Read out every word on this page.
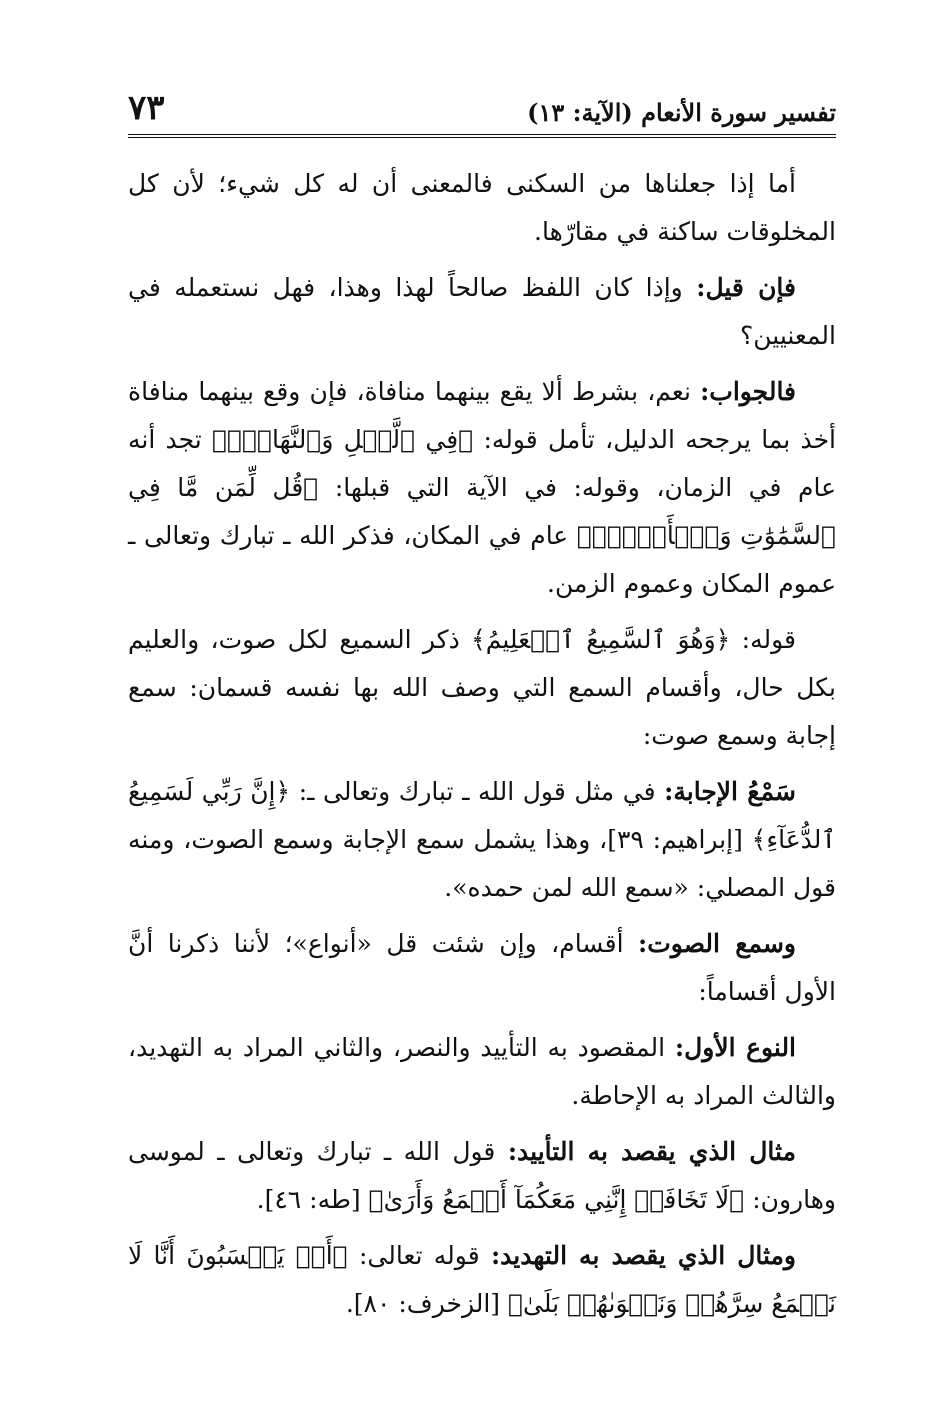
تفسير سورة الأنعام (الآية: ١٣)
٧٣

أما إذا جعلناها من السكنى فالمعنى أن له كل شيء؛ لأن كل المخلوقات ساكنة في مقارّها.

فإن قيل: وإذا كان اللفظ صالحاً لهذا وهذا، فهل نستعمله في المعنيين؟

فالجواب: نعم، بشرط ألا يقع بينهما منافاة، فإن وقع بينهما منافاة أخذ بما يرجحه الدليل، تأمل قوله: ﴿فِي ٱلَّيۡلِ وَٱلنَّهَارِۚ﴾ تجد أنه عام في الزمان، وقوله: في الآية التي قبلها: ﴿قُل لِّمَن مَّا فِي ٱلسَّمَٰوَٰتِ وَٱلۡأَرۡضِۖ﴾ عام في المكان، فذكر الله ـ تبارك وتعالى ـ عموم المكان وعموم الزمن.

قوله: ﴿وَهُوَ ٱلسَّمِيعُ ٱلۡعَلِيمُ﴾ ذكر السميع لكل صوت، والعليم بكل حال، وأقسام السمع التي وصف الله بها نفسه قسمان: سمع إجابة وسمع صوت:

سَمْعُ الإجابة: في مثل قول الله ـ تبارك وتعالى ـ: ﴿إِنَّ رَبِّي لَسَمِيعُ ٱلدُّعَآءِ﴾ [إبراهيم: ٣٩]، وهذا يشمل سمع الإجابة وسمع الصوت، ومنه قول المصلي: «سمع الله لمن حمده».

وسمع الصوت: أقسام، وإن شئت قل «أنواع»؛ لأننا ذكرنا أنَّ الأول أقساماً:

النوع الأول: المقصود به التأييد والنصر، والثاني المراد به التهديد، والثالث المراد به الإحاطة.

مثال الذي يقصد به التأييد: قول الله ـ تبارك وتعالى ـ لموسى وهارون: ﴿لَا تَخَافَآۖ إِنَّنِي مَعَكُمَآ أَسۡمَعُ وَأَرَىٰ﴾ [طه: ٤٦].

ومثال الذي يقصد به التهديد: قوله تعالى: ﴿أَمۡ يَحۡسَبُونَ أَنَّا لَا نَسۡمَعُ سِرَّهُمۡ وَنَجۡوَىٰهُمۚ بَلَىٰ﴾ [الزخرف: ٨٠].
